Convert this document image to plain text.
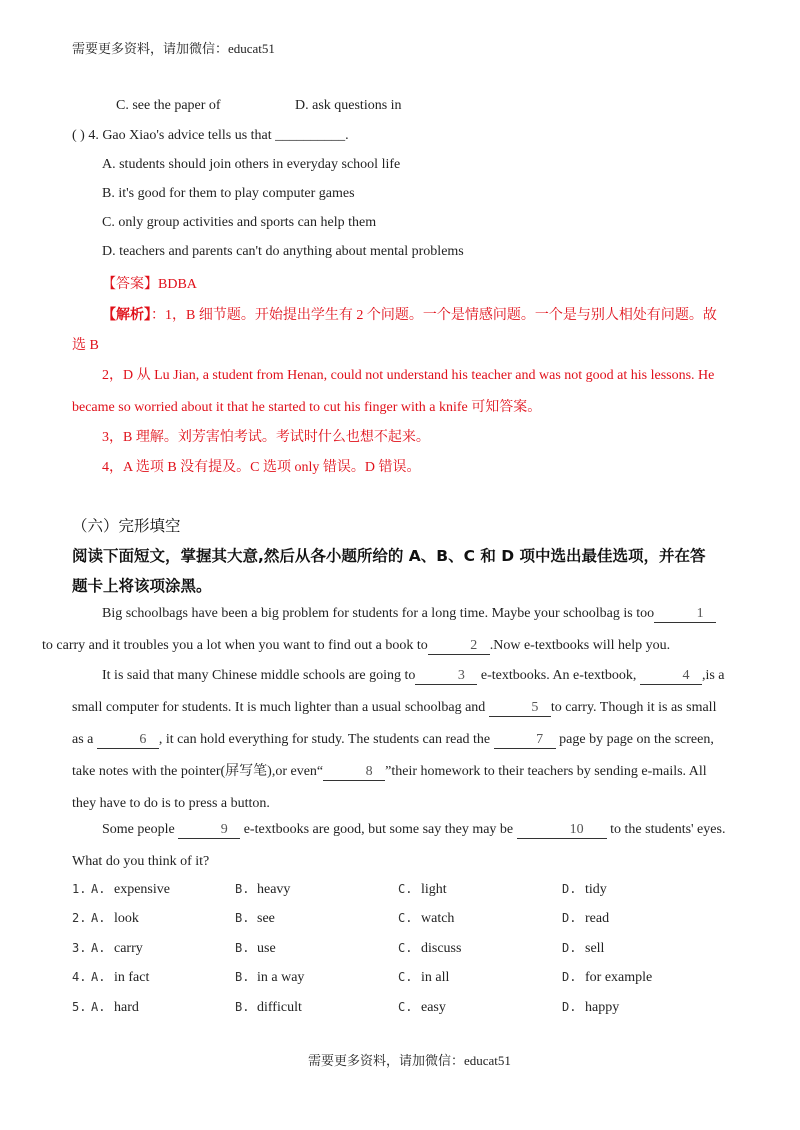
需要更多资料，请加微信：educat51
C. see the paper of	D. ask questions in
( ) 4. Gao Xiao's advice tells us that __________.
A. students should join others in everyday school life
B. it's good for them to play computer games
C. only group activities and sports can help them
D. teachers and parents can't do anything about mental problems
【答案】BDBA
【解析】：1，B 细节题。开始提出学生有 2 个问题。一个是情感问题。一个是与别人相处有问题。故
选 B
2，D 从 Lu Jian, a student from Henan, could not understand his teacher and was not good at his lessons. He
became so worried about it that he started to cut his finger with a knife 可知答案。
3，B 理解。刘芳害怕考试。考试时什么也想不起来。
4，A 选项 B 没有提及。C 选项 only 错误。D 错误。
（六）完形填空
阅读下面短文，掌握其大意,然后从各小题所给的 A、B、C 和 D 项中选出最佳选项，并在答
题卡上将该项涂黑。
Big schoolbags have been a big problem for students for a long time. Maybe your schoolbag is too	1
to carry and it troubles you a lot when you want to find out a book to	2 .Now e-textbooks will help you.
It is said that many Chinese middle schools are going to	3 e-textbooks. An e-textbook,	4 ,is a small computer for students. It is much lighter than a usual schoolbag and	5 to carry. Though it is as small as a	6 , it can hold everything for study. The students can read the	7 page by page on the screen, take notes with the pointer(屏写笔),or even“	8 ”their homework to their teachers by sending e-mails. All they have to do is to press a button.
Some people	9 e-textbooks are good, but some say they may be	10 to the students' eyes. What do you think of it?
1. A. expensive	B. heavy	C. light	D. tidy
2. A. look	B. see	C. watch	D. read
3. A. carry	B. use	C. discuss	D. sell
4. A. in fact	B. in a way	C. in all	D. for example
5. A. hard	B. difficult	C. easy	D. happy
需要更多资料，请加微信：educat51
